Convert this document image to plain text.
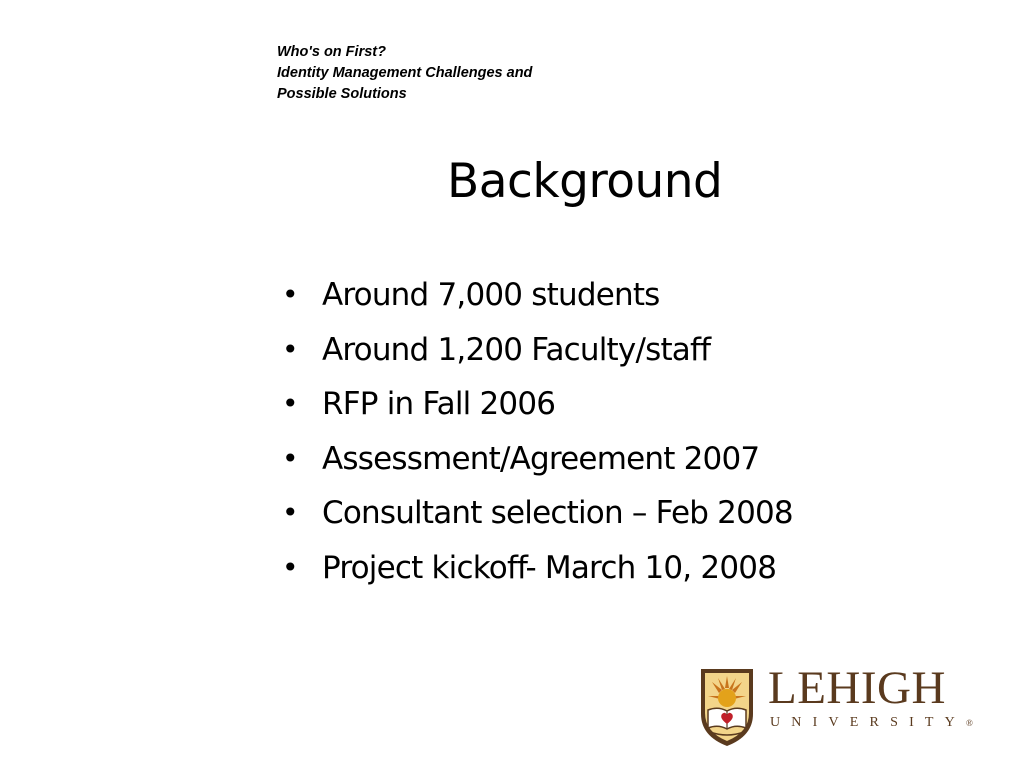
Who's on First?
Identity Management Challenges and
Possible Solutions
Background
• Around 7,000 students
• Around 1,200 Faculty/staff
• RFP in Fall 2006
• Assessment/Agreement 2007
• Consultant selection – Feb 2008
• Project kickoff- March 10, 2008
LEHIGH
UNIVERSITY®
